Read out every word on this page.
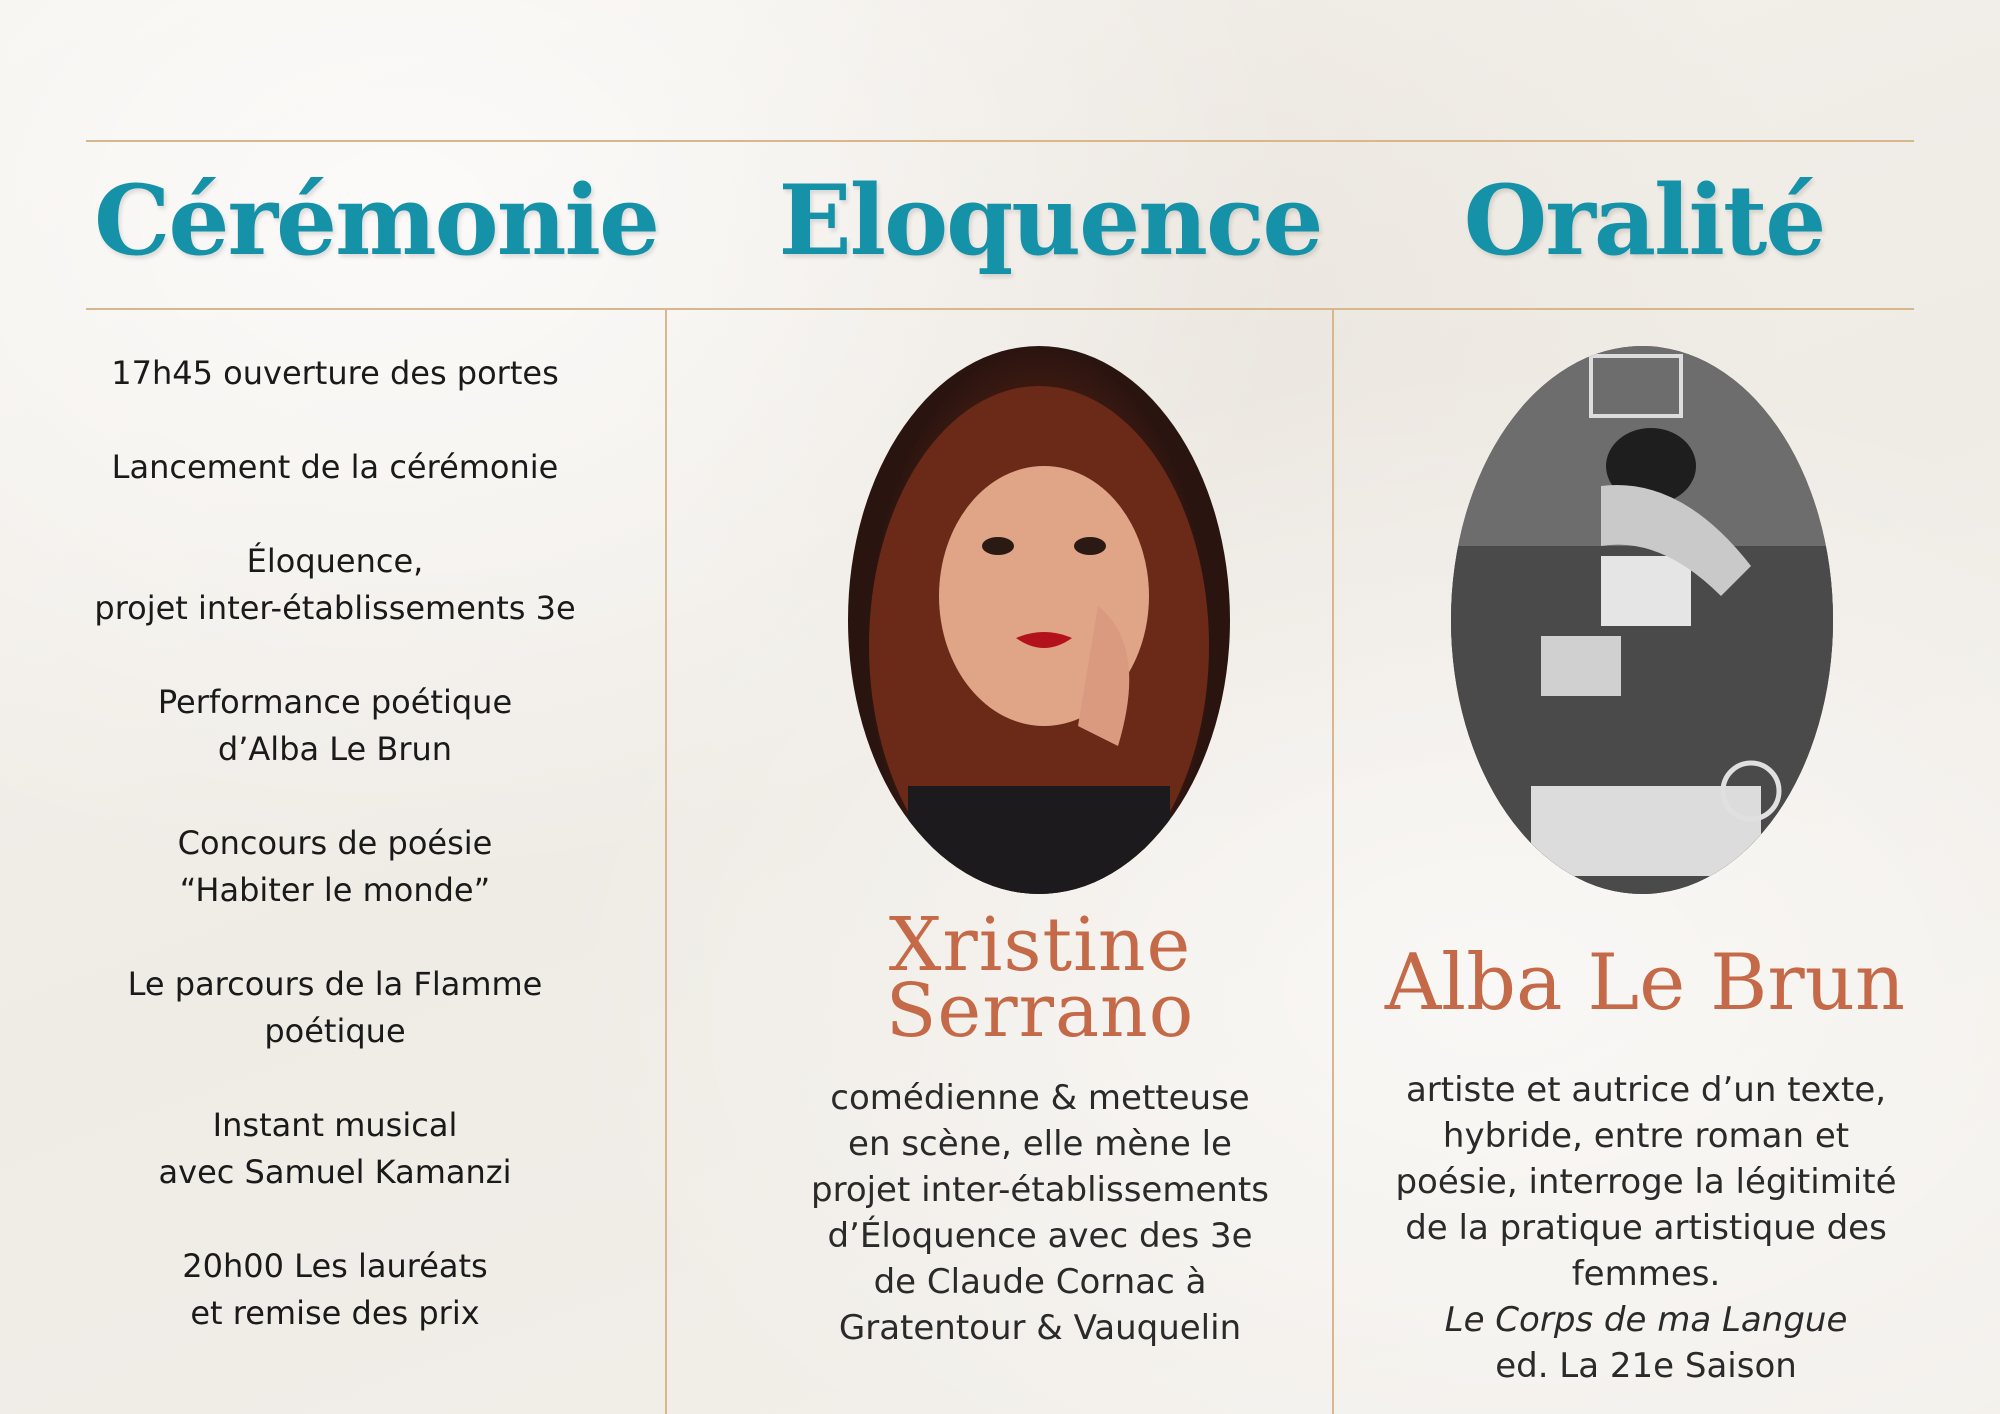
Cérémonie Eloquence	Oralité
17h45 ouverture des portes
Lancement de la cérémonie
Éloquence,
projet inter-établissements 3e
Performance poétique
d’Alba Le Brun
Concours de poésie
“Habiter le monde”
Le parcours de la Flamme
poétique
Instant musical
avec Samuel Kamanzi
20h00 Les lauréats
et remise des prix
Xristine
Serrano
comédienne & metteuse
en scène, elle mène le
projet inter-établissements
d’Éloquence avec des 3e
de Claude Cornac à
Gratentour & Vauquelin
Alba Le Brun
artiste et autrice d’un texte,
hybride, entre roman et
poésie, interroge la légitimité
de la pratique artistique des
femmes.
Le Corps de ma Langue
ed. La 21e Saison
